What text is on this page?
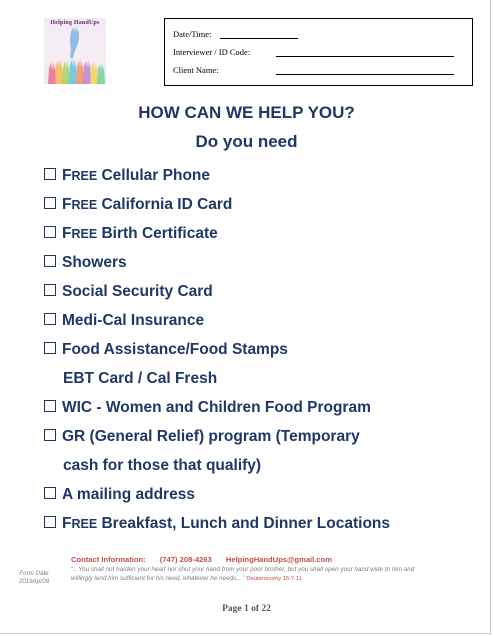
Helping HandUps
Date/Time:
Interviewer / ID Code:
Client Name:
HOW CAN WE HELP YOU?
Do you need
FREE Cellular Phone
FREE California ID Card
FREE Birth Certificate
Showers
Social Security Card
Medi-Cal Insurance
Food Assistance/Food Stamps
EBT Card / Cal Fresh
WIC - Women and Children Food Program
GR (General Relief) program (Temporary
cash for those that qualify)
A mailing address
FREE Breakfast, Lunch and Dinner Locations
Form Date
2019Apr08
Contact Information: (747) 208-4263 HelpingHandUps@gmail.com
“.. You shall not harden your heart nor shut your hand from your poor brother, but you shall open your hand wide to him and willingly lend him sufficient for his need, whatever he needs…” Deuteronomy 15:7-11
Page 1 of 22
